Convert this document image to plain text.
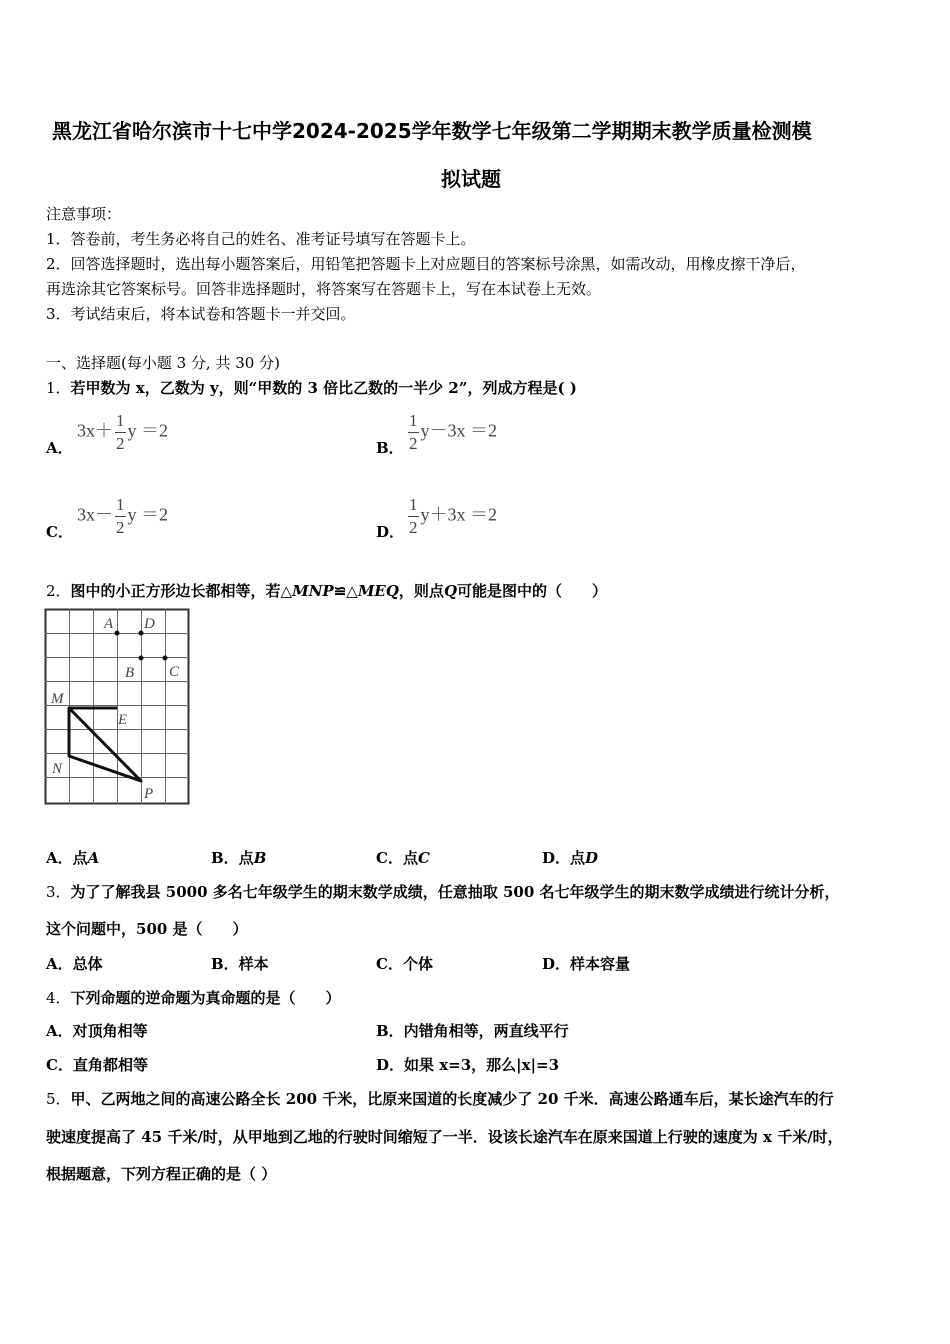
黑龙江省哈尔滨市十七中学2024-2025学年数学七年级第二学期期末教学质量检测模
拟试题
注意事项：
1．答卷前，考生务必将自己的姓名、准考证号填写在答题卡上。
2．回答选择题时，选出每小题答案后，用铅笔把答题卡上对应题目的答案标号涂黑，如需改动，用橡皮擦干净后，
再选涂其它答案标号。回答非选择题时，将答案写在答题卡上，写在本试卷上无效。
3．考试结束后，将本试卷和答题卡一并交回。
一、选择题(每小题 3 分, 共 30 分)
1．若甲数为 x，乙数为 y，则“甲数的 3 倍比乙数的一半少 2”，列成方程是( )
A．
$3x+ \frac{1}{2}$ y ＝2
B． $\frac{1}{2} y-3x =2$
C．
$3x- \frac{1}{2}$ y ＝2
D． $\frac{1}{2} y+3x =2$
2．图中的小正方形边长都相等，若△MNP≌△MEQ，则点Q可能是图中的（　　）
A D
B C
M
E
N
P
A．点A	B．点B	C．点C	D．点D
3．为了了解我县 5000 多名七年级学生的期末数学成绩，任意抽取 500 名七年级学生的期末数学成绩进行统计分析，
这个问题中，500 是（　　）
A．总体	B．样本	C．个体	D．样本容量
4．下列命题的逆命题为真命题的是（　　）
A．对顶角相等	B．内错角相等，两直线平行
C．直角都相等	D．如果 x=3，那么|x|=3
5．甲、乙两地之间的高速公路全长 200 千米，比原来国道的长度减少了 20 千米．高速公路通车后，某长途汽车的行
驶速度提高了 45 千米/时，从甲地到乙地的行驶时间缩短了一半．设该长途汽车在原来国道上行驶的速度为 x 千米/时，
根据题意，下列方程正确的是（ ）
